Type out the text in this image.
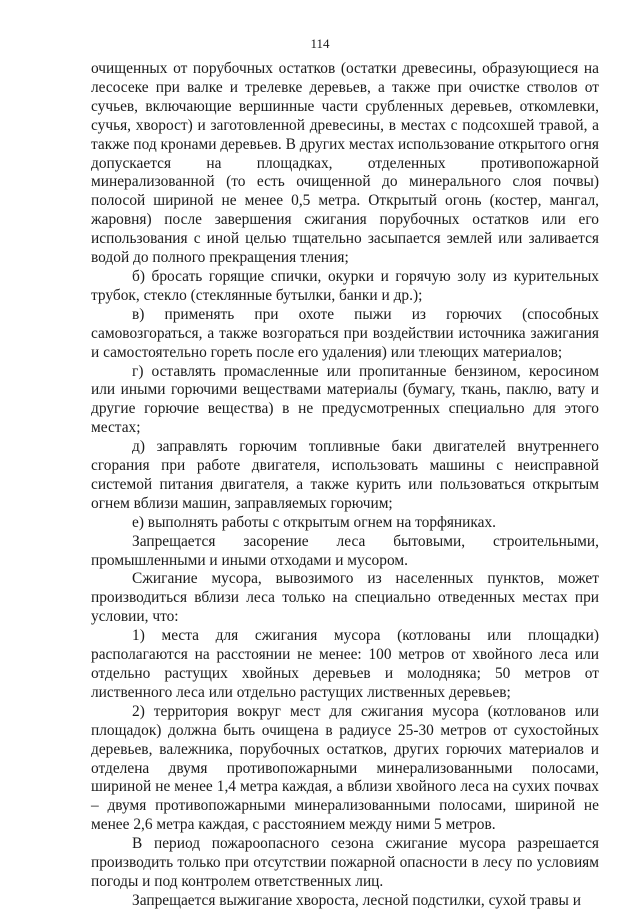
114

очищенных от порубочных остатков (остатки древесины, образующиеся на лесосеке при валке и трелевке деревьев, а также при очистке стволов от сучьев, включающие вершинные части срубленных деревьев, откомлевки, сучья, хворост) и заготовленной древесины, в местах с подсохшей травой, а также под кронами деревьев. В других местах использование открытого огня допускается на площадках, отделенных противопожарной минерализованной (то есть очищенной до минерального слоя почвы) полосой шириной не менее 0,5 метра. Открытый огонь (костер, мангал, жаровня) после завершения сжигания порубочных остатков или его использования с иной целью тщательно засыпается землей или заливается водой до полного прекращения тления;

б) бросать горящие спички, окурки и горячую золу из курительных трубок, стекло (стеклянные бутылки, банки и др.);
в) применять при охоте пыжи из горючих (способных самовозгораться, а также возгораться при воздействии источника зажигания и самостоятельно гореть после его удаления) или тлеющих материалов;
г) оставлять промасленные или пропитанные бензином, керосином или иными горючими веществами материалы (бумагу, ткань, паклю, вату и другие горючие вещества) в не предусмотренных специально для этого местах;
д) заправлять горючим топливные баки двигателей внутреннего сгорания при работе двигателя, использовать машины с неисправной системой питания двигателя, а также курить или пользоваться открытым огнем вблизи машин, заправляемых горючим;
е) выполнять работы с открытым огнем на торфяниках.

Запрещается засорение леса бытовыми, строительными, промышленными и иными отходами и мусором.

Сжигание мусора, вывозимого из населенных пунктов, может производиться вблизи леса только на специально отведенных местах при условии, что:

1) места для сжигания мусора (котлованы или площадки) располагаются на расстоянии не менее: 100 метров от хвойного леса или отдельно растущих хвойных деревьев и молодняка; 50 метров от лиственного леса или отдельно растущих лиственных деревьев;

2) территория вокруг мест для сжигания мусора (котлованов или площадок) должна быть очищена в радиусе 25-30 метров от сухостойных деревьев, валежника, порубочных остатков, других горючих материалов и отделена двумя противопожарными минерализованными полосами, шириной не менее 1,4 метра каждая, а вблизи хвойного леса на сухих почвах – двумя противопожарными минерализованными полосами, шириной не менее 2,6 метра каждая, с расстоянием между ними 5 метров.

В период пожароопасного сезона сжигание мусора разрешается производить только при отсутствии пожарной опасности в лесу по условиям погоды и под контролем ответственных лиц.

Запрещается выжигание хвороста, лесной подстилки, сухой травы и
